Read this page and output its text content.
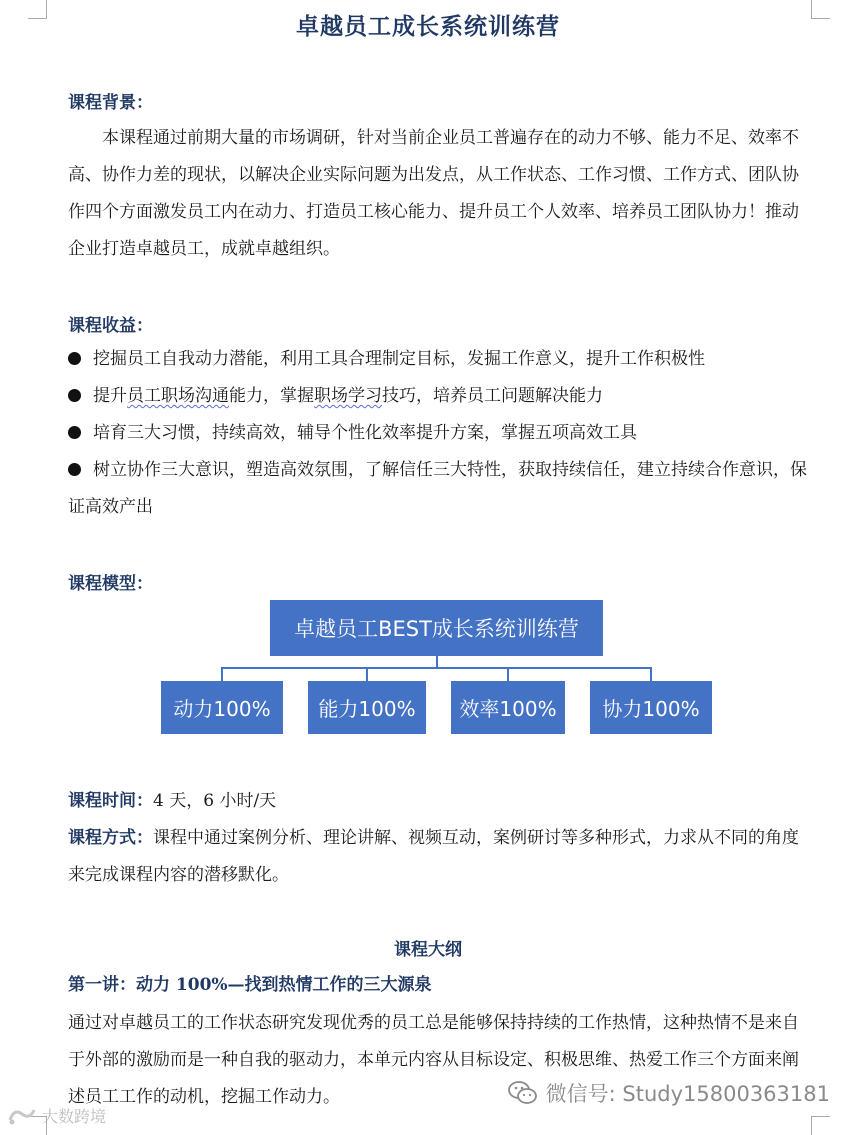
卓越员工成长系统训练营
课程背景：
本课程通过前期大量的市场调研，针对当前企业员工普遍存在的动力不够、能力不足、效率不高、协作力差的现状，以解决企业实际问题为出发点，从工作状态、工作习惯、工作方式、团队协作四个方面激发员工内在动力、打造员工核心能力、提升员工个人效率、培养员工团队协力！推动企业打造卓越员工，成就卓越组织。
课程收益：
挖掘员工自我动力潜能，利用工具合理制定目标，发掘工作意义，提升工作积极性
提升员工职场沟通能力，掌握职场学习技巧，培养员工问题解决能力
培育三大习惯，持续高效，辅导个性化效率提升方案，掌握五项高效工具
树立协作三大意识，塑造高效氛围，了解信任三大特性，获取持续信任，建立持续合作意识，保证高效产出
课程模型：
卓越员工BEST成长系统训练营
动力100%	能力100%	效率100%	协力100%
课程时间：4 天，6 小时/天
课程方式：课程中通过案例分析、理论讲解、视频互动，案例研讨等多种形式，力求从不同的角度来完成课程内容的潜移默化。
课程大纲
第一讲：动力 100%—找到热情工作的三大源泉
通过对卓越员工的工作状态研究发现优秀的员工总是能够保持持续的工作热情，这种热情不是来自于外部的激励而是一种自我的驱动力，本单元内容从目标设定、积极思维、热爱工作三个方面来阐述员工工作的动机，挖掘工作动力。
大数跨境
微信号: Study15800363181
